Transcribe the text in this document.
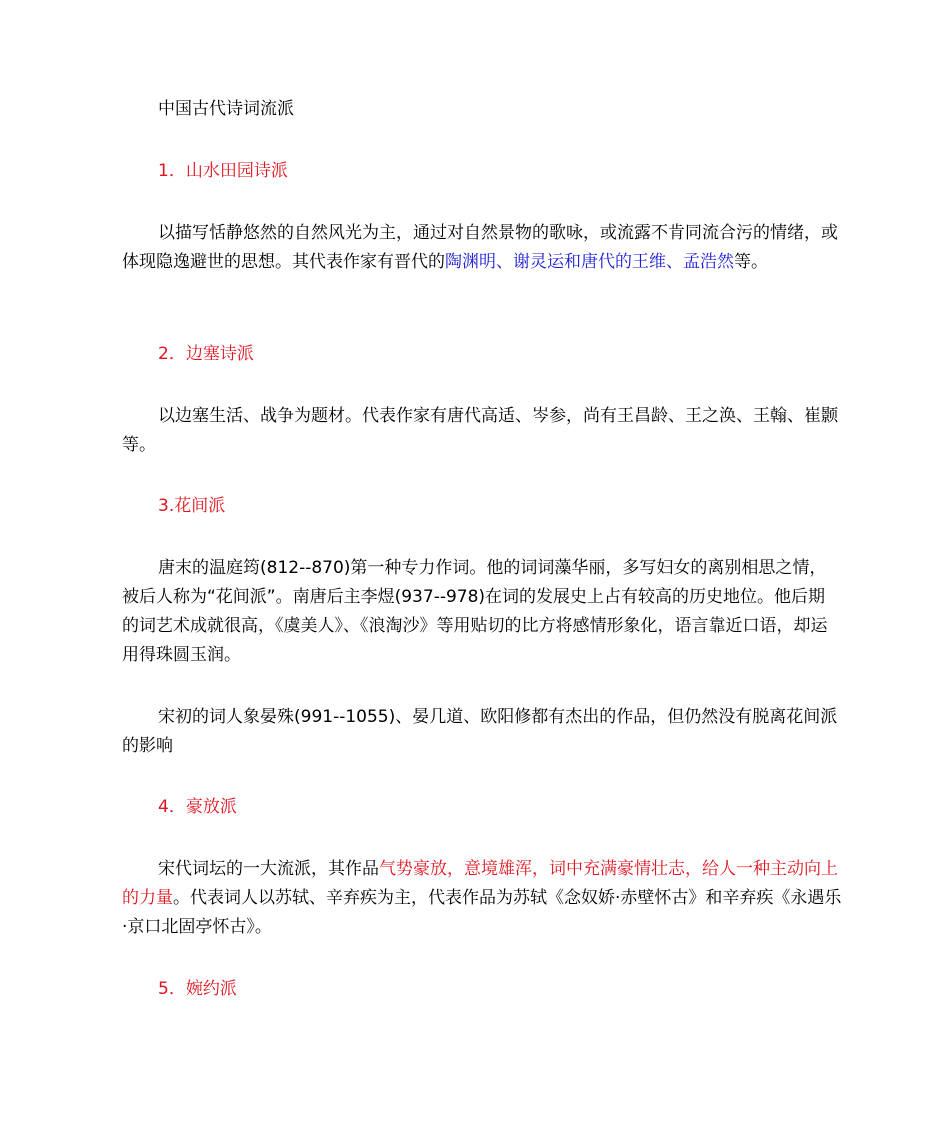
中国古代诗词流派

1．山水田园诗派

以描写恬静悠然的自然风光为主，通过对自然景物的歌咏，或流露不肯同流合污的情绪，或体现隐逸避世的思想。其代表作家有晋代的陶渊明、谢灵运和唐代的王维、孟浩然等。

2．边塞诗派

以边塞生活、战争为题材。代表作家有唐代高适、岑参，尚有王昌龄、王之涣、王翰、崔颢等。

3.花间派

唐末的温庭筠(812--870)第一种专力作词。他的词词藻华丽，多写妇女的离别相思之情，被后人称为“花间派”。南唐后主李煜(937--978)在词的发展史上占有较高的历史地位。他后期的词艺术成就很高，《虞美人》、《浪淘沙》等用贴切的比方将感情形象化，语言靠近口语，却运用得珠圆玉润。

宋初的词人象晏殊(991--1055)、晏几道、欧阳修都有杰出的作品，但仍然没有脱离花间派的影响

4．豪放派

宋代词坛的一大流派，其作品气势豪放，意境雄浑，词中充满豪情壮志，给人一种主动向上的力量。代表词人以苏轼、辛弃疾为主，代表作品为苏轼《念奴娇·赤壁怀古》和辛弃疾《永遇乐·京口北固亭怀古》。

5．婉约派
